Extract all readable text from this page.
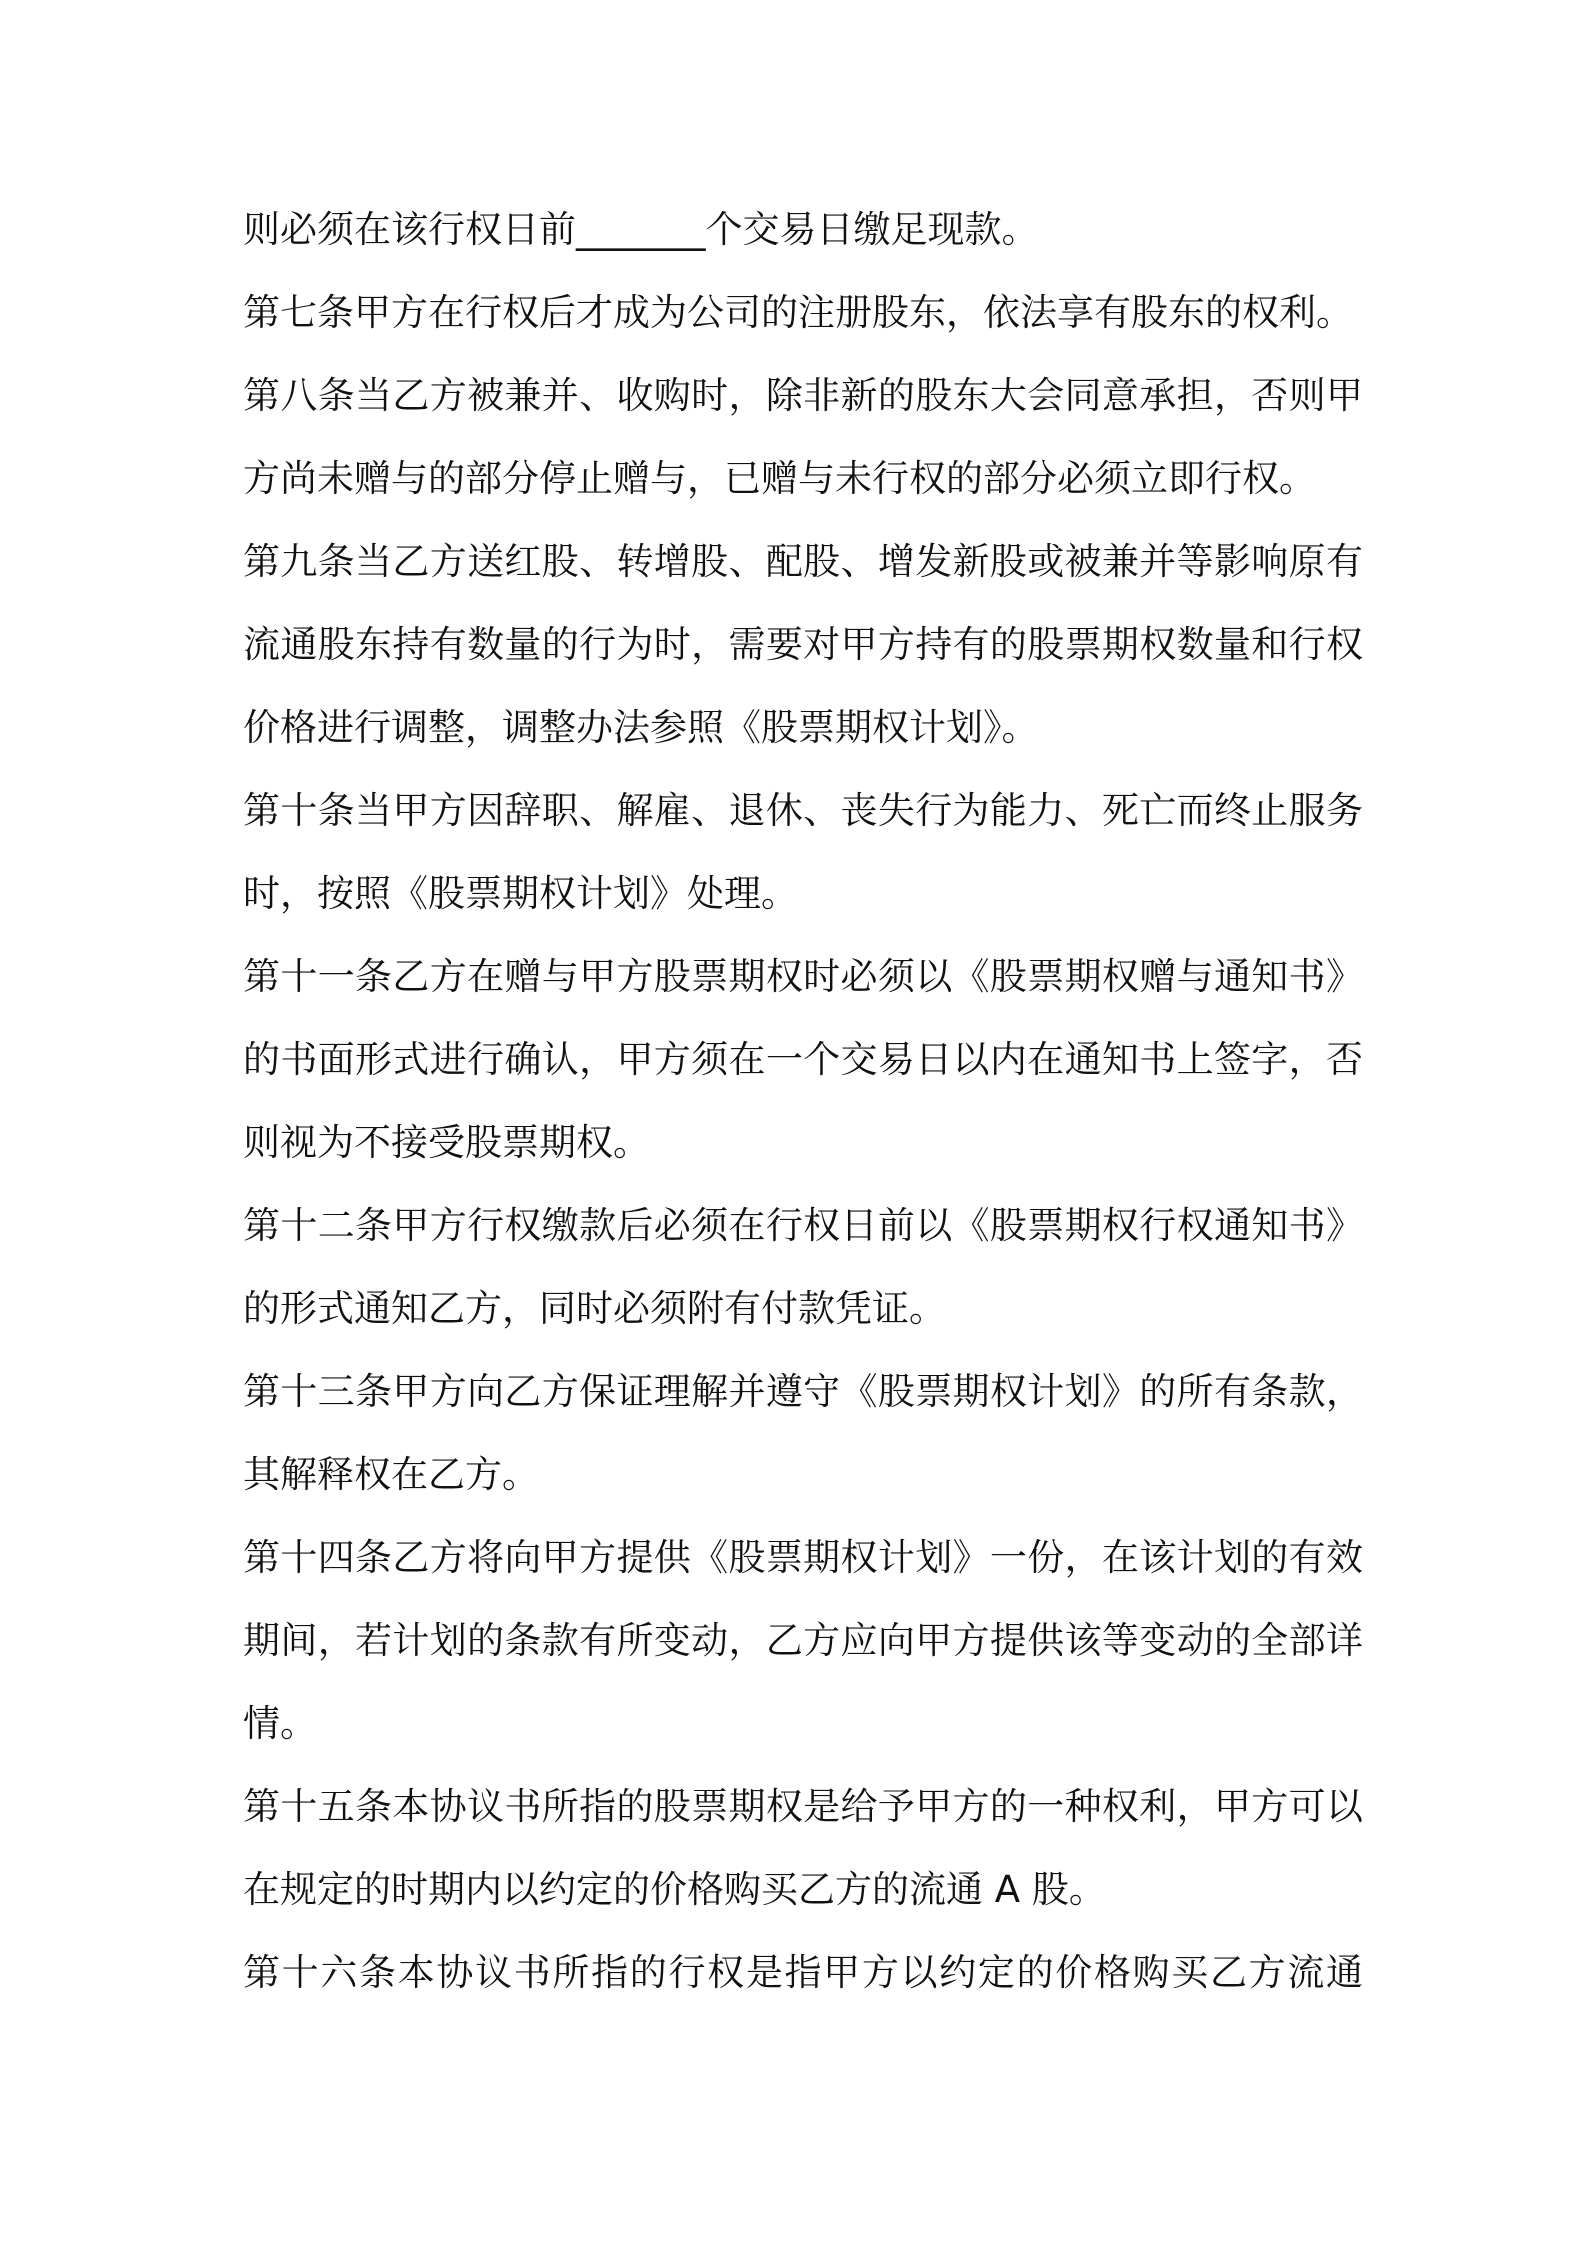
则必须在该行权日前_______个交易日缴足现款。

第七条甲方在行权后才成为公司的注册股东，依法享有股东的权利。

第八条当乙方被兼并、收购时，除非新的股东大会同意承担，否则甲

方尚未赠与的部分停止赠与，已赠与未行权的部分必须立即行权。

第九条当乙方送红股、转增股、配股、增发新股或被兼并等影响原有

流通股东持有数量的行为时，需要对甲方持有的股票期权数量和行权

价格进行调整，调整办法参照《股票期权计划》。

第十条当甲方因辞职、解雇、退休、丧失行为能力、死亡而终止服务

时，按照《股票期权计划》处理。

第十一条乙方在赠与甲方股票期权时必须以《股票期权赠与通知书》

的书面形式进行确认，甲方须在一个交易日以内在通知书上签字，否

则视为不接受股票期权。

第十二条甲方行权缴款后必须在行权日前以《股票期权行权通知书》

的形式通知乙方，同时必须附有付款凭证。

第十三条甲方向乙方保证理解并遵守《股票期权计划》的所有条款，

其解释权在乙方。

第十四条乙方将向甲方提供《股票期权计划》一份，在该计划的有效

期间，若计划的条款有所变动，乙方应向甲方提供该等变动的全部详

情。

第十五条本协议书所指的股票期权是给予甲方的一种权利，甲方可以

在规定的时期内以约定的价格购买乙方的流通 A 股。

第十六条本协议书所指的行权是指甲方以约定的价格购买乙方流通
